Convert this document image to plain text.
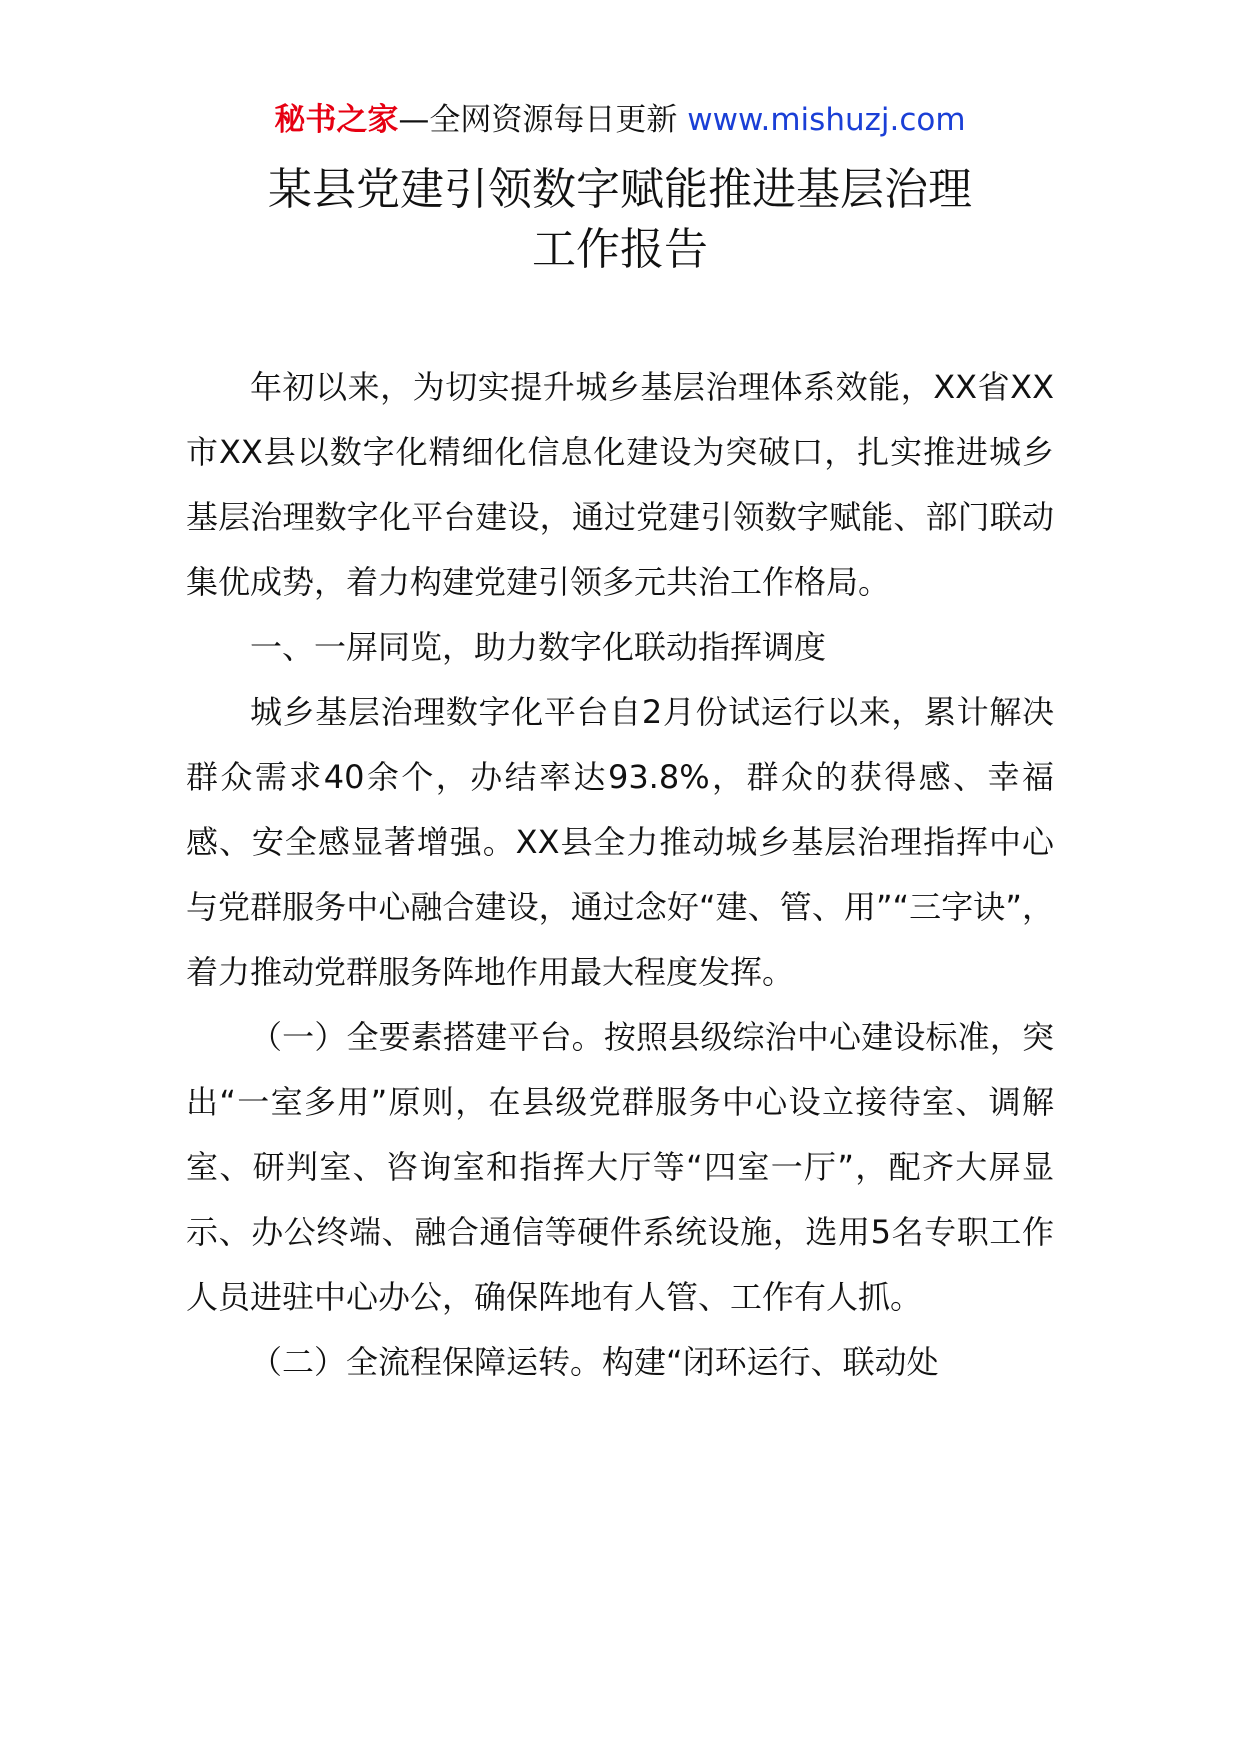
秘书之家—全网资源每日更新 www.mishuzj.com
某县党建引领数字赋能推进基层治理
工作报告

年初以来，为切实提升城乡基层治理体系效能，XX省XX市XX县以数字化精细化信息化建设为突破口，扎实推进城乡基层治理数字化平台建设，通过党建引领数字赋能、部门联动集优成势，着力构建党建引领多元共治工作格局。

一、一屏同览，助力数字化联动指挥调度

城乡基层治理数字化平台自2月份试运行以来，累计解决群众需求40余个，办结率达93.8%，群众的获得感、幸福感、安全感显著增强。XX县全力推动城乡基层治理指挥中心与党群服务中心融合建设，通过念好“建、管、用”“三字诀”，着力推动党群服务阵地作用最大程度发挥。

（一）全要素搭建平台。按照县级综治中心建设标准，突出“一室多用”原则，在县级党群服务中心设立接待室、调解室、研判室、咨询室和指挥大厅等“四室一厅”，配齐大屏显示、办公终端、融合通信等硬件系统设施，选用5名专职工作人员进驻中心办公，确保阵地有人管、工作有人抓。

（二）全流程保障运转。构建“闭环运行、联动处
